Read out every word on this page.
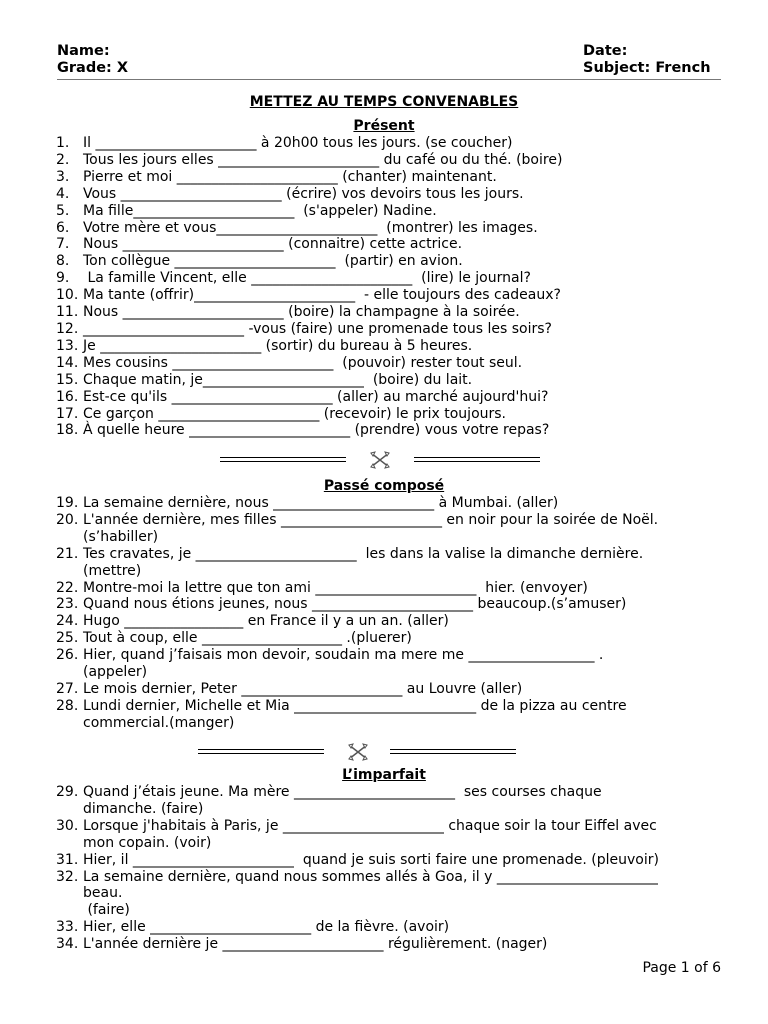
Name:	Date:
Grade: X	Subject: French
METTEZ AU TEMPS CONVENABLES
Présent
1. Il _______________________ à 20h00 tous les jours. (se coucher)
2. Tous les jours elles _______________________ du café ou du thé. (boire)
3. Pierre et moi _______________________ (chanter) maintenant.
4. Vous _______________________ (écrire) vos devoirs tous les jours.
5. Ma fille_______________________  (s'appeler) Nadine.
6. Votre mère et vous_______________________  (montrer) les images.
7. Nous _______________________ (connaitre) cette actrice.
8. Ton collègue _______________________  (partir) en avion.
9. La famille Vincent, elle _______________________  (lire) le journal?
10. Ma tante (offrir)_______________________  - elle toujours des cadeaux?
11. Nous _______________________ (boire) la champagne à la soirée.
12. _______________________ -vous (faire) une promenade tous les soirs?
13. Je _______________________ (sortir) du bureau à 5 heures.
14. Mes cousins _______________________  (pouvoir) rester tout seul.
15. Chaque matin, je_______________________  (boire) du lait.
16. Est-ce qu'ils _______________________ (aller) au marché aujourd'hui?
17. Ce garçon _______________________ (recevoir) le prix toujours.
18. À quelle heure _______________________ (prendre) vous votre repas?
Passé composé
19. La semaine dernière, nous _______________________ à Mumbai. (aller)
20. L'année dernière, mes filles _______________________ en noir pour la soirée de Noël.
(s’habiller)
21. Tes cravates, je _______________________  les dans la valise la dimanche dernière.
(mettre)
22. Montre-moi la lettre que ton ami _______________________  hier. (envoyer)
23. Quand nous étions jeunes, nous _______________________ beaucoup.(s’amuser)
24. Hugo _________________ en France il y a un an. (aller)
25. Tout à coup, elle ____________________ .(pluerer)
26. Hier, quand j’faisais mon devoir, soudain ma mere me __________________ .
(appeler)
27. Le mois dernier, Peter _______________________ au Louvre (aller)
28. Lundi dernier, Michelle et Mia __________________________ de la pizza au centre
commercial.(manger)
L’imparfait
29. Quand j’étais jeune. Ma mère _______________________  ses courses chaque
dimanche. (faire)
30. Lorsque j'habitais à Paris, je _______________________ chaque soir la tour Eiffel avec
mon copain. (voir)
31. Hier, il _______________________  quand je suis sorti faire une promenade. (pleuvoir)
32. La semaine dernière, quand nous sommes allés à Goa, il y _______________________
beau.
(faire)
33. Hier, elle _______________________ de la fièvre. (avoir)
34. L'année dernière je _______________________ régulièrement. (nager)
Page 1 of 6
